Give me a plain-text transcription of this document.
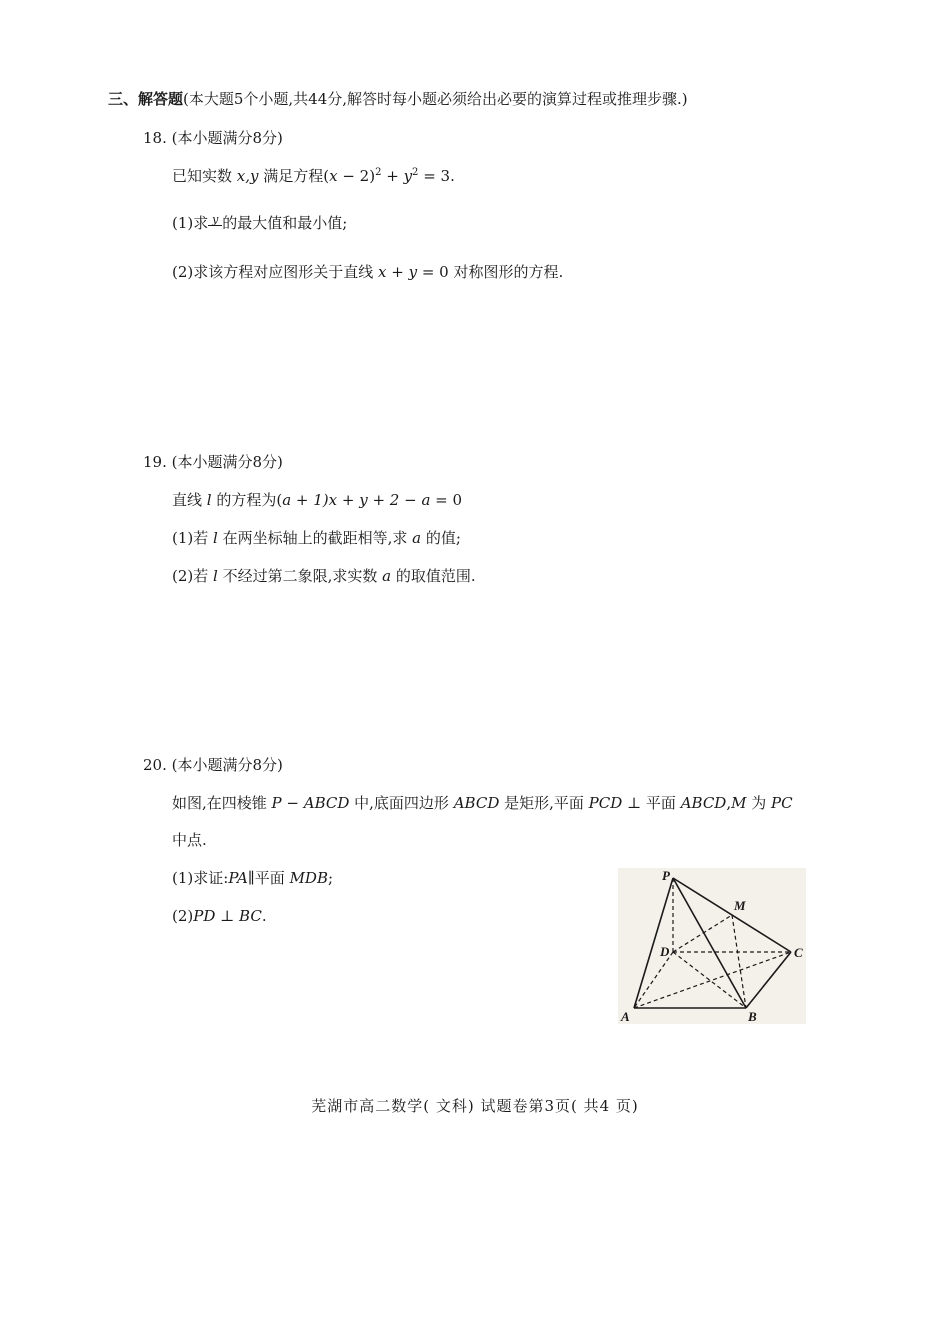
三、解答题(本大题5个小题,共44分,解答时每小题必须给出必要的演算过程或推理步骤.)
18. (本小题满分8分)
已知实数 x,y 满足方程$(x - 2)^2 + y^2 = 3$.
(1)求 y 的最大值和最小值;
(2)求该方程对应图形关于直线 x + y = 0 对称图形的方程.
19. (本小题满分8分)
直线 l 的方程为(a + 1)x + y + 2 − a = 0
(1)若 l 在两坐标轴上的截距相等,求 a 的值;
(2)若 l 不经过第二象限,求实数 a 的取值范围.
20. (本小题满分8分)
如图,在四棱锥 P − ABCD 中,底面四边形 ABCD 是矩形,平面 PCD ⊥ 平面 ABCD,M 为 PC
中点.
(1)求证:PA∥平面 MDB;
(2)PD ⊥ BC.
P
M
D	C
A	B
芜湖市高二数学( 文科) 试题卷第3页( 共4 页)
